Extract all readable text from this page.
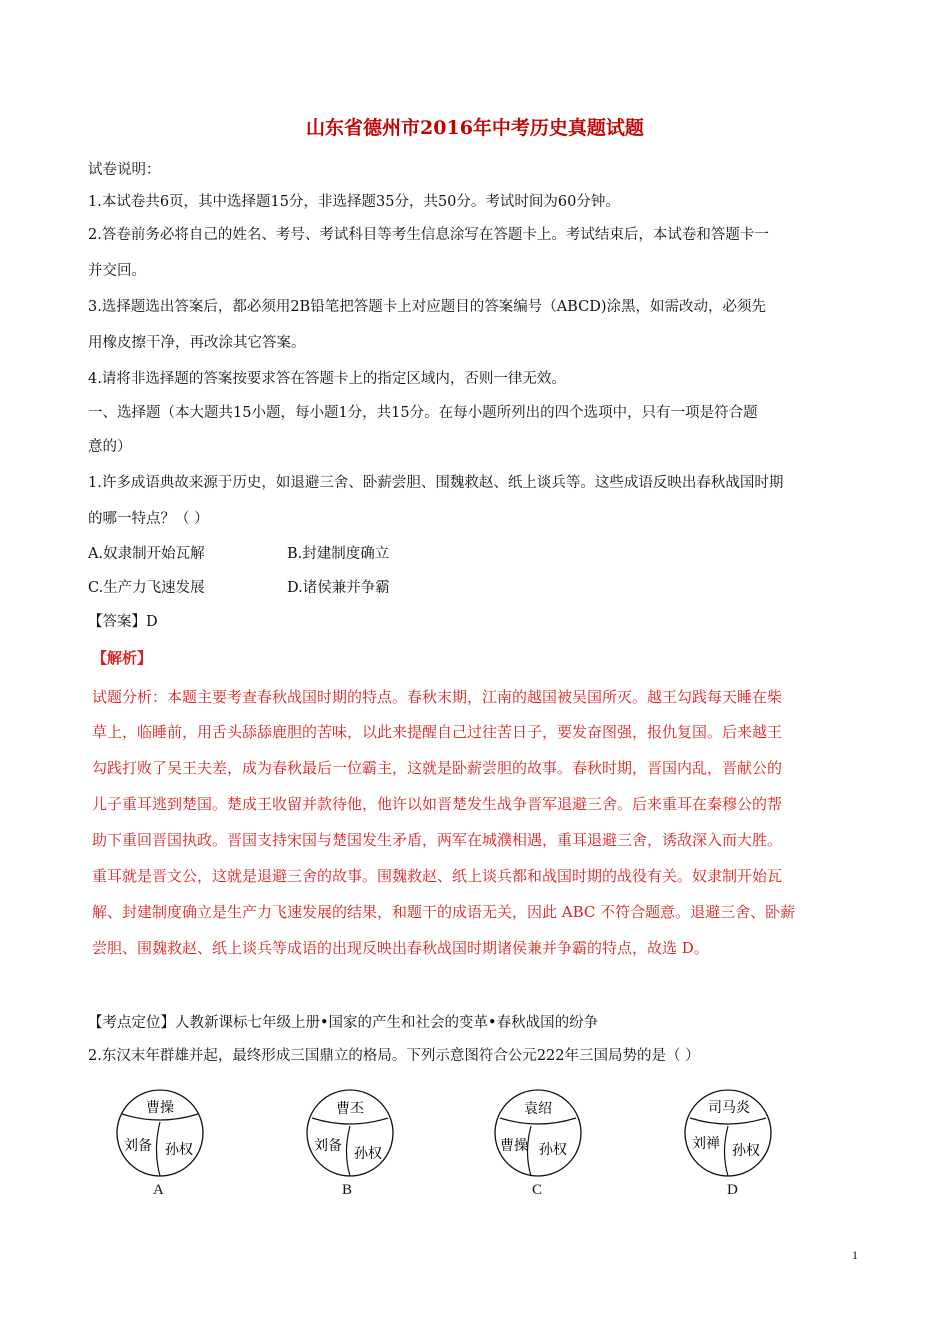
山东省德州市2016年中考历史真题试题
试卷说明：
1.本试卷共6页，其中选择题15分，非选择题35分，共50分。考试时间为60分钟。
2.答卷前务必将自己的姓名、考号、考试科目等考生信息涂写在答题卡上。考试结束后，本试卷和答题卡一
并交回。
3.选择题选出答案后，都必须用2B铅笔把答题卡上对应题目的答案编号（ABCD)涂黑，如需改动，必须先
用橡皮擦干净，再改涂其它答案。
4.请将非选择题的答案按要求答在答题卡上的指定区域内，否则一律无效。
一、选择题（本大题共15小题，每小题1分，共15分。在每小题所列出的四个选项中，只有一项是符合题
意的）
1.许多成语典故来源于历史，如退避三舍、卧薪尝胆、围魏救赵、纸上谈兵等。这些成语反映出春秋战国时期
的哪一特点？（ ）
A.奴隶制开始瓦解	B.封建制度确立
C.生产力飞速发展	D.诸侯兼并争霸
【答案】D
【解析】
试题分析：本题主要考查春秋战国时期的特点。春秋末期，江南的越国被吴国所灭。越王勾践每天睡在柴
草上，临睡前，用舌头舔舔鹿胆的苦味，以此来提醒自己过往苦日子，要发奋图强，报仇复国。后来越王
勾践打败了吴王夫差，成为春秋最后一位霸主，这就是卧薪尝胆的故事。春秋时期，晋国内乱，晋献公的
儿子重耳逃到楚国。楚成王收留并款待他，他许以如晋楚发生战争晋军退避三舍。后来重耳在秦穆公的帮
助下重回晋国执政。晋国支持宋国与楚国发生矛盾，两军在城濮相遇，重耳退避三舍，诱敌深入而大胜。
重耳就是晋文公，这就是退避三舍的故事。围魏救赵、纸上谈兵都和战国时期的战役有关。奴隶制开始瓦
解、封建制度确立是生产力飞速发展的结果，和题干的成语无关，因此 ABC 不符合题意。退避三舍、卧薪
尝胆、围魏救赵、纸上谈兵等成语的出现反映出春秋战国时期诸侯兼并争霸的特点，故选 D。
【考点定位】人教新课标七年级上册•国家的产生和社会的变革•春秋战国的纷争
2.东汉末年群雄并起，最终形成三国鼎立的格局。下列示意图符合公元222年三国局势的是（ ）
曹操
刘备 孙权
A
曹丕
刘备 孙权
B
袁绍
曹操 孙权
C
司马炎
刘禅 孙权
D
1
